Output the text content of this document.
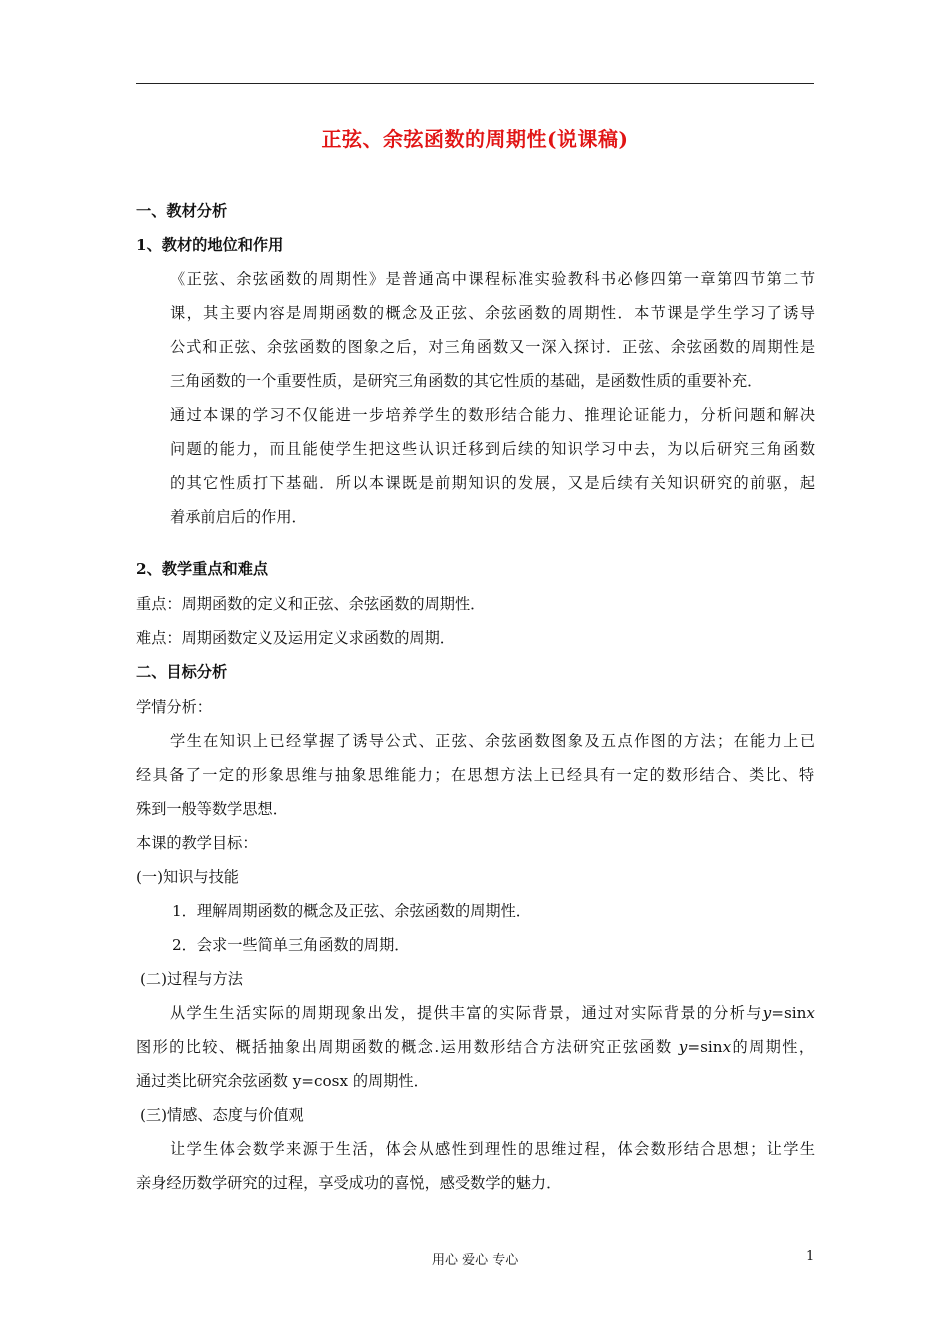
正弦、余弦函数的周期性(说课稿)
一、教材分析
1、教材的地位和作用
《正弦、余弦函数的周期性》是普通高中课程标准实验教科书必修四第一章第四节第二节
课，其主要内容是周期函数的概念及正弦、余弦函数的周期性．本节课是学生学习了诱导
公式和正弦、余弦函数的图象之后，对三角函数又一深入探讨．正弦、余弦函数的周期性是
三角函数的一个重要性质，是研究三角函数的其它性质的基础，是函数性质的重要补充．
通过本课的学习不仅能进一步培养学生的数形结合能力、推理论证能力，分析问题和解决
问题的能力，而且能使学生把这些认识迁移到后续的知识学习中去，为以后研究三角函数
的其它性质打下基础．所以本课既是前期知识的发展，又是后续有关知识研究的前驱，起
着承前启后的作用．
2、教学重点和难点
重点：周期函数的定义和正弦、余弦函数的周期性．
难点：周期函数定义及运用定义求函数的周期．
二、目标分析
学情分析：
学生在知识上已经掌握了诱导公式、正弦、余弦函数图象及五点作图的方法；在能力上已
经具备了一定的形象思维与抽象思维能力；在思想方法上已经具有一定的数形结合、类比、特
殊到一般等数学思想．
本课的教学目标：
(一)知识与技能
1．理解周期函数的概念及正弦、余弦函数的周期性．
2．会求一些简单三角函数的周期．
(二)过程与方法
从学生生活实际的周期现象出发，提供丰富的实际背景，通过对实际背景的分析与y=sinx
图形的比较、概括抽象出周期函数的概念.运用数形结合方法研究正弦函数 y=sinx的周期性，
通过类比研究余弦函数 y=cosx 的周期性．
(三)情感、态度与价值观
让学生体会数学来源于生活，体会从感性到理性的思维过程，体会数形结合思想；让学生
亲身经历数学研究的过程，享受成功的喜悦，感受数学的魅力．
用心 爱心 专心	1
